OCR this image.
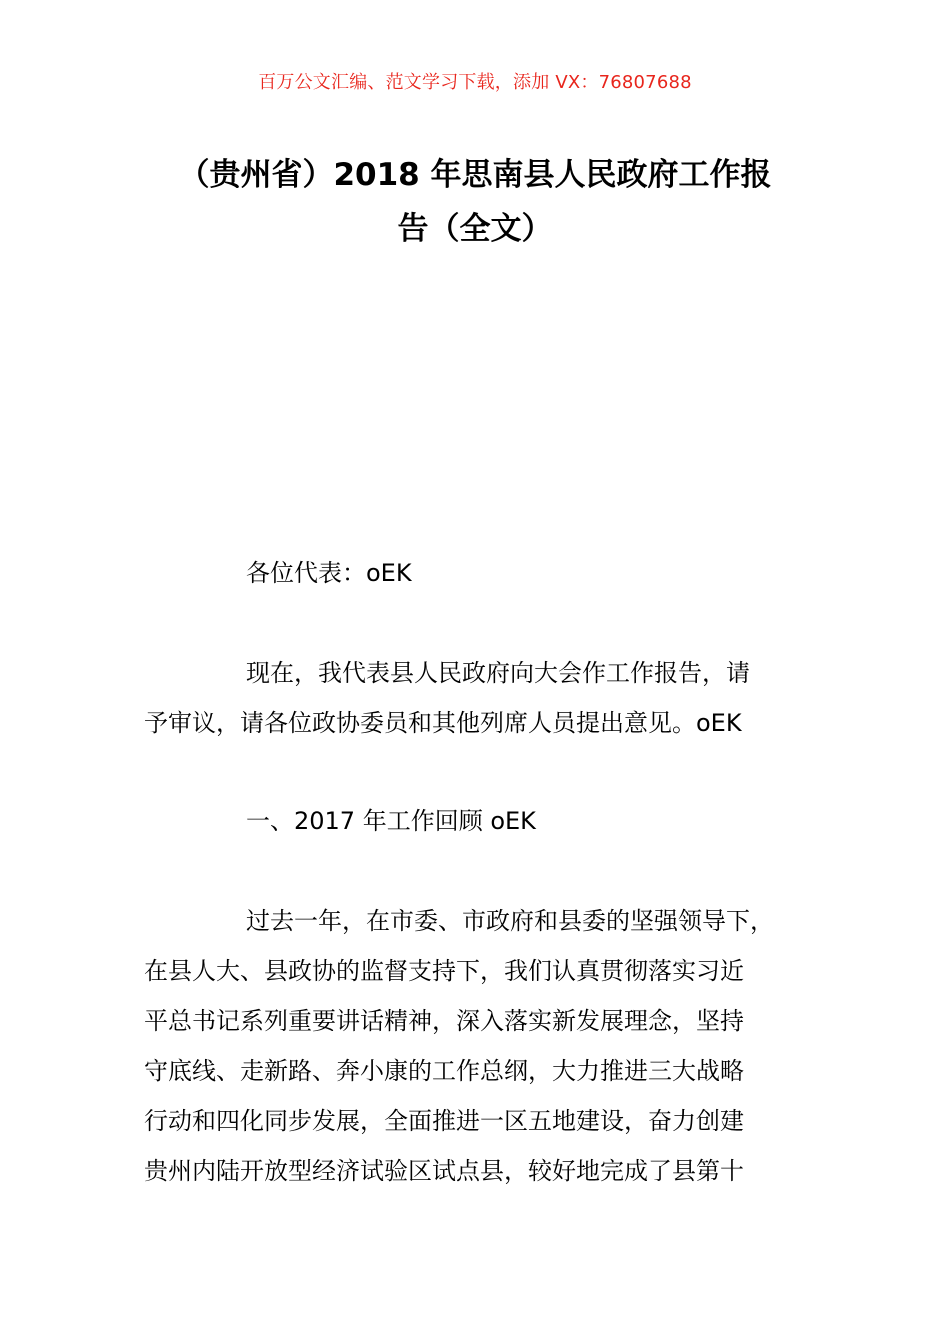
百万公文汇编、范文学习下载，添加 VX：76807688
（贵州省）2018 年思南县人民政府工作报
告（全文）
各位代表：oEK
现在，我代表县人民政府向大会作工作报告，请
予审议，请各位政协委员和其他列席人员提出意见。oEK
一、2017 年工作回顾 oEK
过去一年，在市委、市政府和县委的坚强领导下，
在县人大、县政协的监督支持下，我们认真贯彻落实习近
平总书记系列重要讲话精神，深入落实新发展理念，坚持
守底线、走新路、奔小康的工作总纲，大力推进三大战略
行动和四化同步发展，全面推进一区五地建设，奋力创建
贵州内陆开放型经济试验区试点县，较好地完成了县第十
